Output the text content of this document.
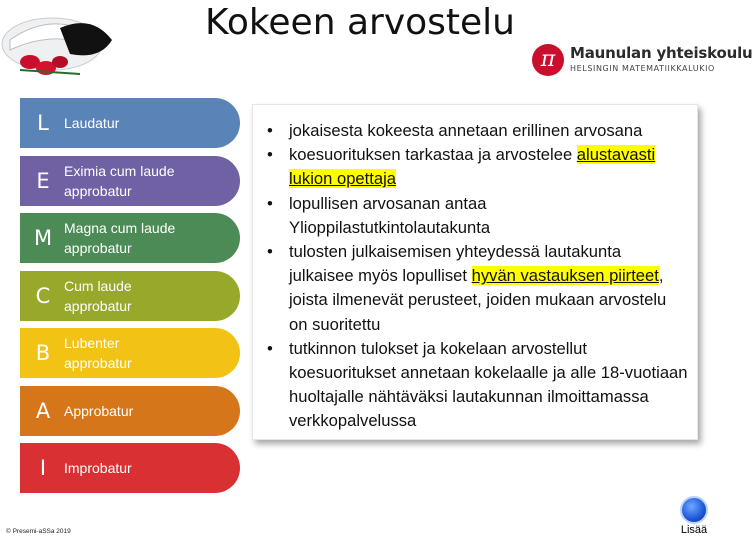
Kokeen arvostelu
π Maunulan yhteiskoulu
HELSINGIN MATEMATIIKKALUKIO
L	Laudatur
E	Eximia cum laude
approbatur
M Magna cum laude
approbatur
C Cum laude
approbatur
B Lubenter
approbatur
A Approbatur
I	Improbatur
• jokaisesta kokeesta annetaan erillinen arvosana
• koesuorituksen tarkastaa ja arvostelee alustavasti lukion opettaja
• lopullisen arvosanan antaa Ylioppilastutkintolautakunta
• tulosten julkaisemisen yhteydessä lautakunta julkaisee myös lopulliset hyvän vastauksen piirteet, joista ilmenevät perusteet, joiden mukaan arvostelu on suoritettu
• tutkinnon tulokset ja kokelaan arvostellut koesuoritukset annetaan kokelaalle ja alle 18-vuotiaan huoltajalle nähtäväksi lautakunnan ilmoittamassa verkkopalvelussa
© Presemi-aSSa 2019	Lisää
